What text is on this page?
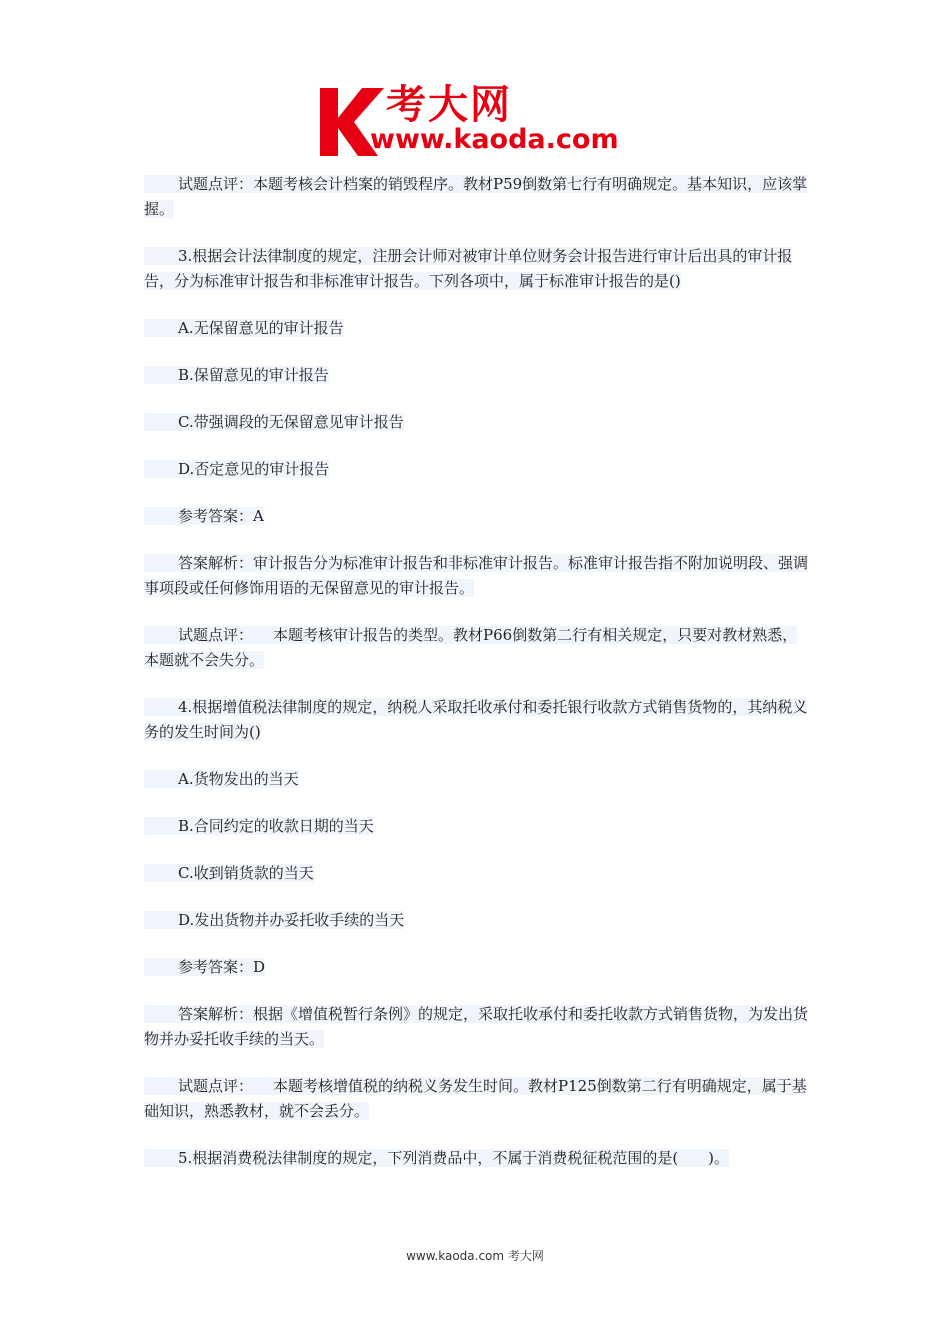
考大网
www.kaoda.com

试题点评：本题考核会计档案的销毁程序。教材P59倒数第七行有明确规定。基本知识，应该掌握。

3.根据会计法律制度的规定，注册会计师对被审计单位财务会计报告进行审计后出具的审计报告，分为标准审计报告和非标准审计报告。下列各项中，属于标准审计报告的是()

A.无保留意见的审计报告

B.保留意见的审计报告

C.带强调段的无保留意见审计报告

D.否定意见的审计报告

参考答案：A

答案解析：审计报告分为标准审计报告和非标准审计报告。标准审计报告指不附加说明段、强调事项段或任何修饰用语的无保留意见的审计报告。

试题点评： 本题考核审计报告的类型。教材P66倒数第二行有相关规定，只要对教材熟悉，本题就不会失分。

4.根据增值税法律制度的规定，纳税人采取托收承付和委托银行收款方式销售货物的，其纳税义务的发生时间为()

A.货物发出的当天

B.合同约定的收款日期的当天

C.收到销货款的当天

D.发出货物并办妥托收手续的当天

参考答案：D

答案解析：根据《增值税暂行条例》的规定，采取托收承付和委托收款方式销售货物，为发出货物并办妥托收手续的当天。

试题点评： 本题考核增值税的纳税义务发生时间。教材P125倒数第二行有明确规定，属于基础知识，熟悉教材，就不会丢分。

5.根据消费税法律制度的规定，下列消费品中，不属于消费税征税范围的是(　　)。

www.kaoda.com 考大网
